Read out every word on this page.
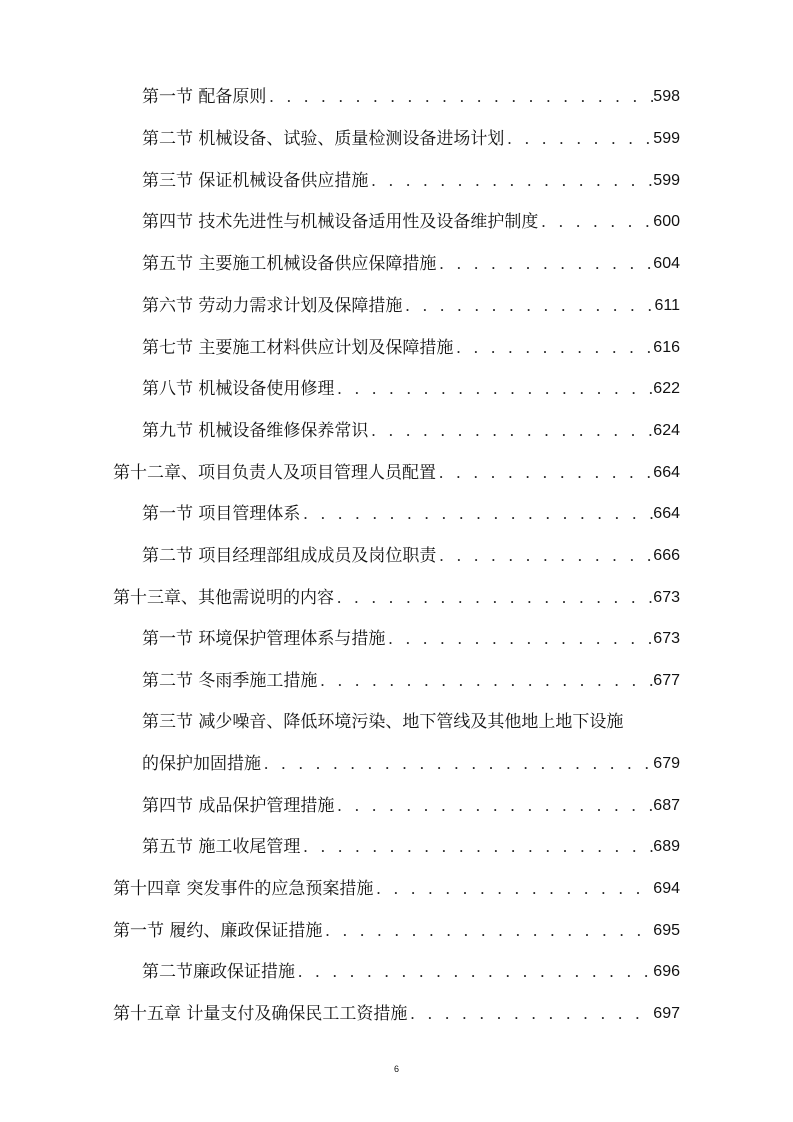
第一节 配备原则 . . .	598
第二节 机械设备、试验、质量检测设备进场计划 . . .	599
第三节 保证机械设备供应措施 . . .	599
第四节 技术先进性与机械设备适用性及设备维护制度 . . .	600
第五节 主要施工机械设备供应保障措施 . . .	604
第六节 劳动力需求计划及保障措施 . . .	611
第七节 主要施工材料供应计划及保障措施 . . .	616
第八节 机械设备使用修理 . . .	622
第九节 机械设备维修保养常识 . . .	624
第十二章、项目负责人及项目管理人员配置 . . .	664
第一节 项目管理体系 . . .	664
第二节 项目经理部组成成员及岗位职责 . . .	666
第十三章、其他需说明的内容 . . .	673
第一节 环境保护管理体系与措施 . . .	673
第二节 冬雨季施工措施 . . .	677
第三节 减少噪音、降低环境污染、地下管线及其他地上地下设施
的保护加固措施 . . .	679
第四节 成品保护管理措施 . . .	687
第五节 施工收尾管理 . . .	689
第十四章 突发事件的应急预案措施 . . .	694
第一节 履约、廉政保证措施 . . .	695
第二节廉政保证措施 . . .	696
第十五章 计量支付及确保民工工资措施 . . .	697
6
